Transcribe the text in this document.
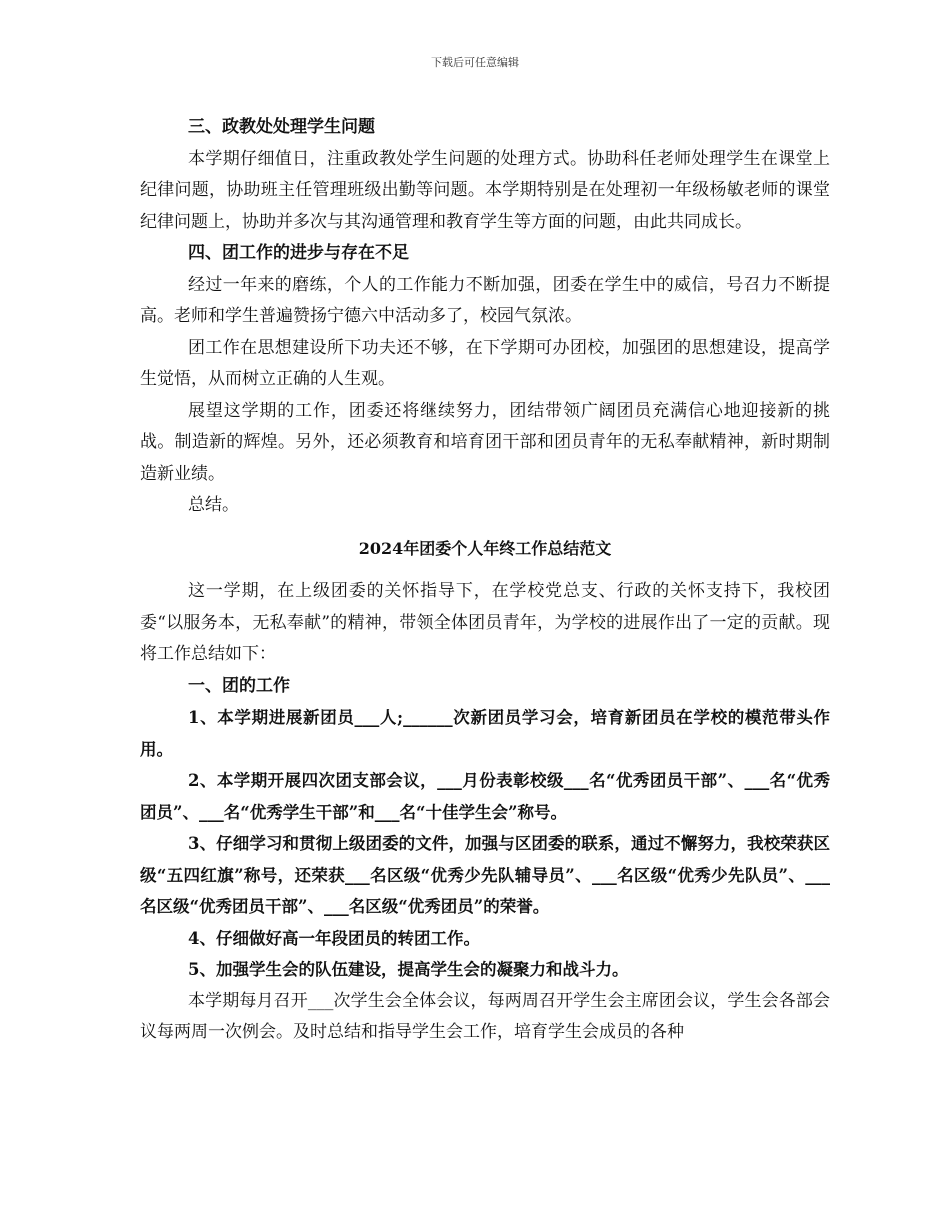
下载后可任意编辑

三、政教处处理学生问题

本学期仔细值日，注重政教处学生问题的处理方式。协助科任老师处理学生在课堂上纪律问题，协助班主任管理班级出勤等问题。本学期特别是在处理初一年级杨敏老师的课堂纪律问题上，协助并多次与其沟通管理和教育学生等方面的问题，由此共同成长。

四、团工作的进步与存在不足

经过一年来的磨练，个人的工作能力不断加强，团委在学生中的威信，号召力不断提高。老师和学生普遍赞扬宁德六中活动多了，校园气氛浓。

团工作在思想建设所下功夫还不够，在下学期可办团校，加强团的思想建设，提高学生觉悟，从而树立正确的人生观。

展望这学期的工作，团委还将继续努力，团结带领广阔团员充满信心地迎接新的挑战。制造新的辉煌。另外，还必须教育和培育团干部和团员青年的无私奉献精神，新时期制造新业绩。

总结。

2024年团委个人年终工作总结范文

这一学期，在上级团委的关怀指导下，在学校党总支、行政的关怀支持下，我校团委“以服务本，无私奉献”的精神，带领全体团员青年，为学校的进展作出了一定的贡献。现将工作总结如下：

一、团的工作

1、本学期进展新团员___人;______次新团员学习会，培育新团员在学校的模范带头作用。

2、本学期开展四次团支部会议，___月份表彰校级___名“优秀团员干部”、___名“优秀团员”、___名“优秀学生干部”和___名“十佳学生会”称号。

3、仔细学习和贯彻上级团委的文件，加强与区团委的联系，通过不懈努力，我校荣获区级“五四红旗”称号，还荣获___名区级“优秀少先队辅导员”、___名区级“优秀少先队员”、___名区级“优秀团员干部”、___名区级“优秀团员”的荣誉。

4、仔细做好高一年段团员的转团工作。

5、加强学生会的队伍建设，提高学生会的凝聚力和战斗力。

本学期每月召开___次学生会全体会议，每两周召开学生会主席团会议，学生会各部会议每两周一次例会。及时总结和指导学生会工作，培育学生会成员的各种
